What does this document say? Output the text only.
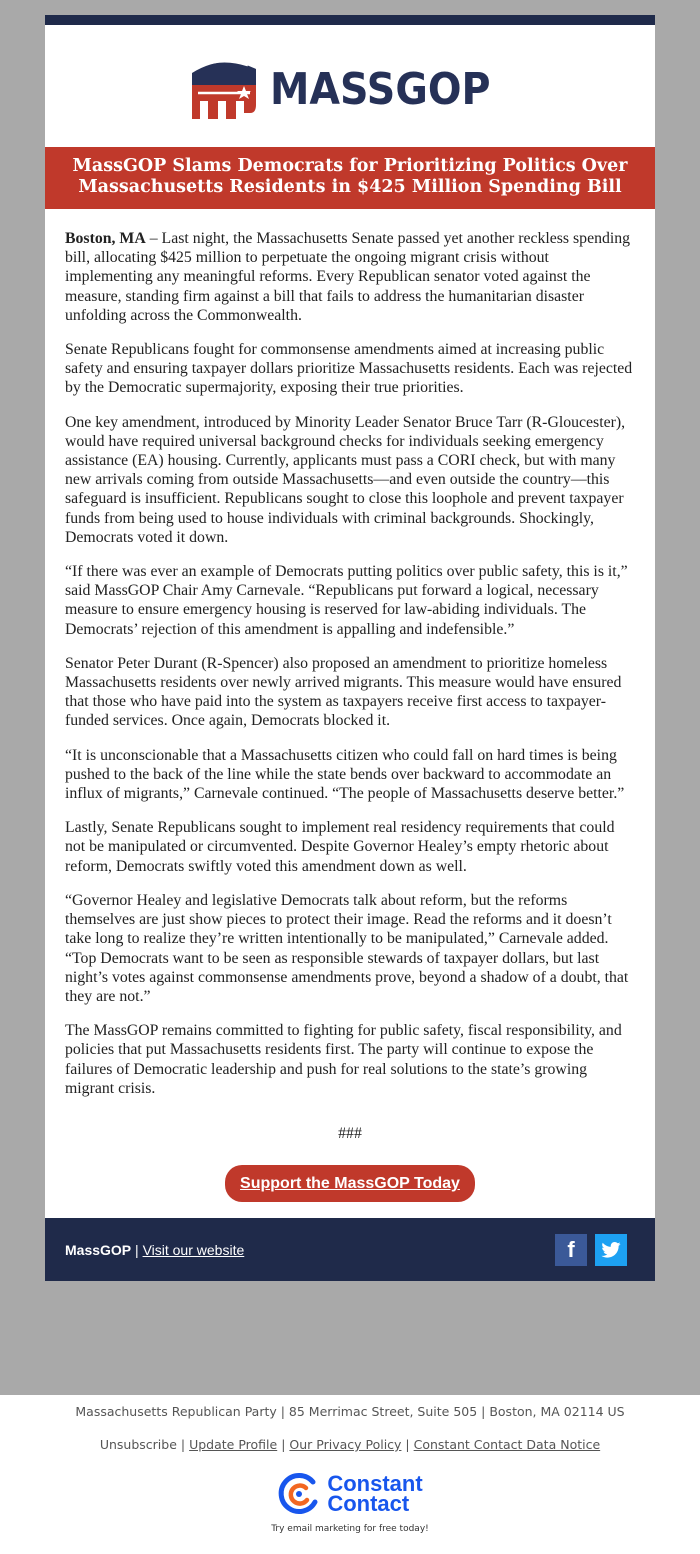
MASSGOP
MassGOP Slams Democrats for Prioritizing Politics Over Massachusetts Residents in $425 Million Spending Bill

Boston, MA – Last night, the Massachusetts Senate passed yet another reckless spending bill, allocating $425 million to perpetuate the ongoing migrant crisis without implementing any meaningful reforms. Every Republican senator voted against the measure, standing firm against a bill that fails to address the humanitarian disaster unfolding across the Commonwealth.

Senate Republicans fought for commonsense amendments aimed at increasing public safety and ensuring taxpayer dollars prioritize Massachusetts residents. Each was rejected by the Democratic supermajority, exposing their true priorities.

One key amendment, introduced by Minority Leader Senator Bruce Tarr (R-Gloucester), would have required universal background checks for individuals seeking emergency assistance (EA) housing. Currently, applicants must pass a CORI check, but with many new arrivals coming from outside Massachusetts—and even outside the country—this safeguard is insufficient. Republicans sought to close this loophole and prevent taxpayer funds from being used to house individuals with criminal backgrounds. Shockingly, Democrats voted it down.

“If there was ever an example of Democrats putting politics over public safety, this is it,” said MassGOP Chair Amy Carnevale. “Republicans put forward a logical, necessary measure to ensure emergency housing is reserved for law-abiding individuals. The Democrats’ rejection of this amendment is appalling and indefensible.”

Senator Peter Durant (R-Spencer) also proposed an amendment to prioritize homeless Massachusetts residents over newly arrived migrants. This measure would have ensured that those who have paid into the system as taxpayers receive first access to taxpayer-funded services. Once again, Democrats blocked it.

“It is unconscionable that a Massachusetts citizen who could fall on hard times is being pushed to the back of the line while the state bends over backward to accommodate an influx of migrants,” Carnevale continued. “The people of Massachusetts deserve better.”

Lastly, Senate Republicans sought to implement real residency requirements that could not be manipulated or circumvented. Despite Governor Healey’s empty rhetoric about reform, Democrats swiftly voted this amendment down as well.

“Governor Healey and legislative Democrats talk about reform, but the reforms themselves are just show pieces to protect their image. Read the reforms and it doesn’t take long to realize they’re written intentionally to be manipulated,” Carnevale added. “Top Democrats want to be seen as responsible stewards of taxpayer dollars, but last night’s votes against commonsense amendments prove, beyond a shadow of a doubt, that they are not.”

The MassGOP remains committed to fighting for public safety, fiscal responsibility, and policies that put Massachusetts residents first. The party will continue to expose the failures of Democratic leadership and push for real solutions to the state’s growing migrant crisis.

###
Support the MassGOP Today
MassGOP | Visit our website	f
Massachusetts Republican Party | 85 Merrimac Street, Suite 505 | Boston, MA 02114 US
Unsubscribe | Update Profile | Our Privacy Policy | Constant Contact Data Notice
Constant
Contact
Try email marketing for free today!
